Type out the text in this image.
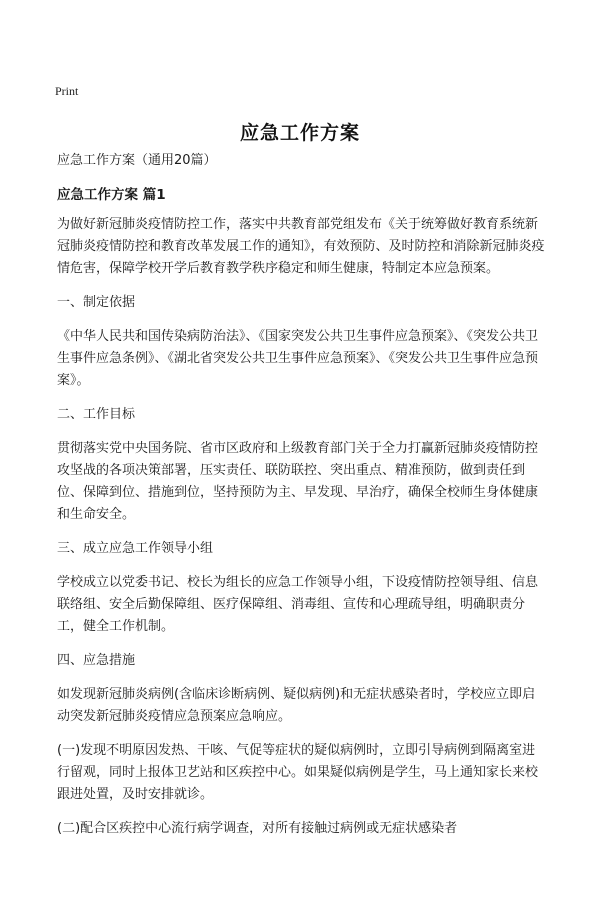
Print
应急工作方案
应急工作方案（通用20篇）
应急工作方案 篇1

为做好新冠肺炎疫情防控工作，落实中共教育部党组发布《关于统筹做好教育系统新冠肺炎疫情防控和教育改革发展工作的通知》，有效预防、及时防控和消除新冠肺炎疫情危害，保障学校开学后教育教学秩序稳定和师生健康，特制定本应急预案。

一、制定依据

《中华人民共和国传染病防治法》、《国家突发公共卫生事件应急预案》、《突发公共卫生事件应急条例》、《湖北省突发公共卫生事件应急预案》、《突发公共卫生事件应急预案》。

二、工作目标

贯彻落实党中央国务院、省市区政府和上级教育部门关于全力打赢新冠肺炎疫情防控攻坚战的各项决策部署，压实责任、联防联控、突出重点、精准预防，做到责任到位、保障到位、措施到位，坚持预防为主、早发现、早治疗，确保全校师生身体健康和生命安全。

三、成立应急工作领导小组

学校成立以党委书记、校长为组长的应急工作领导小组，下设疫情防控领导组、信息联络组、安全后勤保障组、医疗保障组、消毒组、宣传和心理疏导组，明确职责分工，健全工作机制。

四、应急措施

如发现新冠肺炎病例(含临床诊断病例、疑似病例)和无症状感染者时，学校应立即启动突发新冠肺炎疫情应急预案应急响应。

(一)发现不明原因发热、干咳、气促等症状的疑似病例时，立即引导病例到隔离室进行留观，同时上报体卫艺站和区疾控中心。如果疑似病例是学生，马上通知家长来校跟进处置，及时安排就诊。

(二)配合区疾控中心流行病学调查，对所有接触过病例或无症状感染者
